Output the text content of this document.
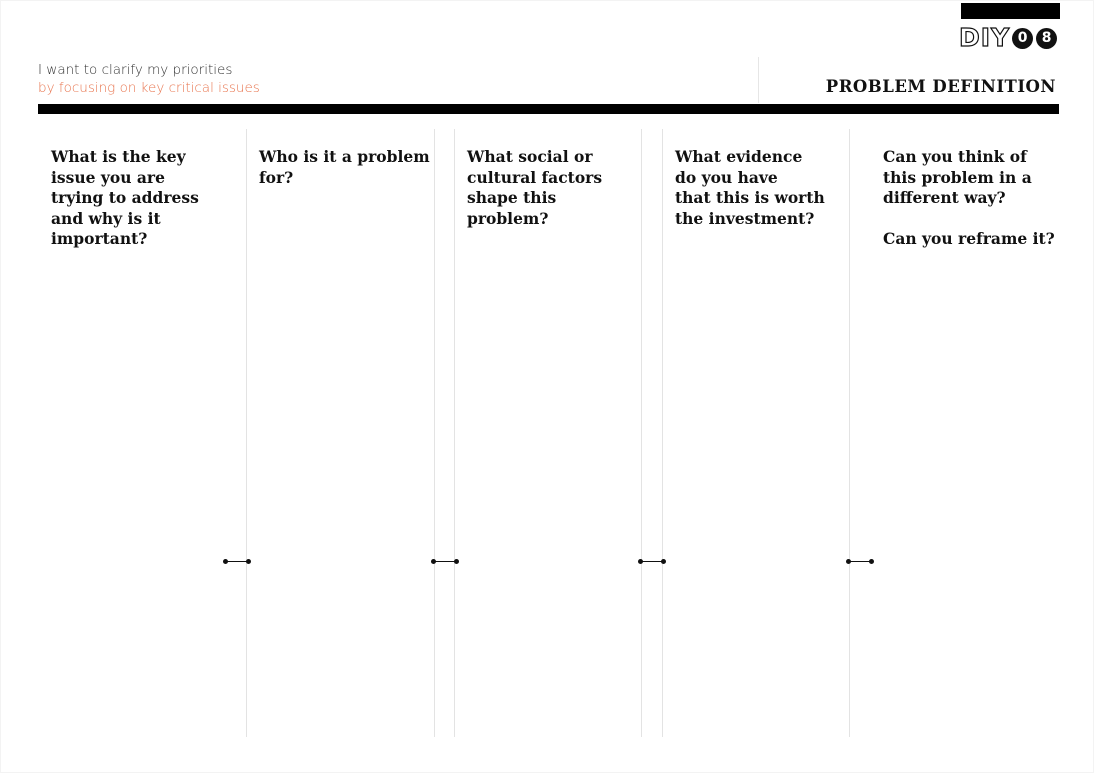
DIY 0	8
I want to clarify my priorities
by focusing on key critical issues	PROBLEM DEFINITION
What is the key
issue you are
trying to address
and why is it
important?
Who is it a problem
for?
What social or
cultural factors
shape this
problem?
What evidence
do you have
that this is worth
the investment?
Can you think of
this problem in a
different way?

Can you reframe it?
